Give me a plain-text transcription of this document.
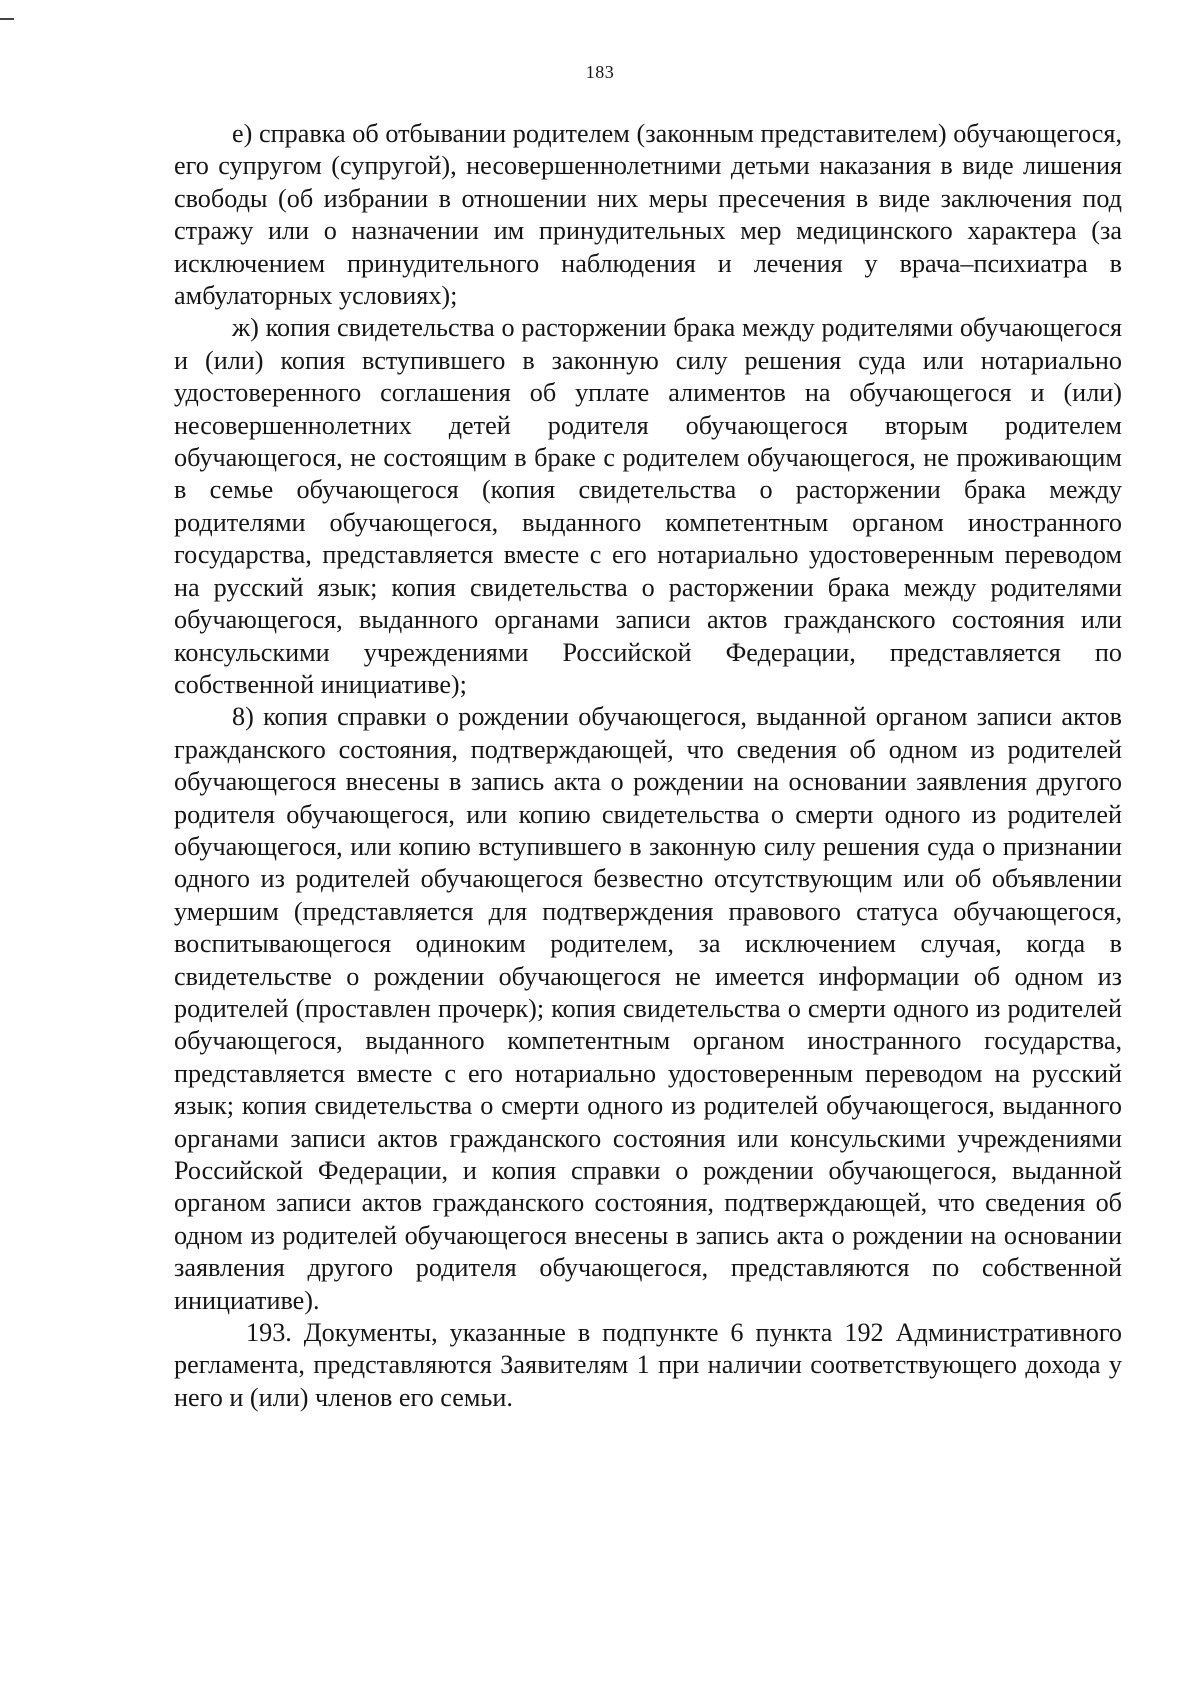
183

е) справка об отбывании родителем (законным представителем) обучающегося, его супругом (супругой), несовершеннолетними детьми наказания в виде лишения свободы (об избрании в отношении них меры пресечения в виде заключения под стражу или о назначении им принудительных мер медицинского характера (за исключением принудительного наблюдения и лечения у врача–психиатра в амбулаторных условиях);

ж) копия свидетельства о расторжении брака между родителями обучающегося и (или) копия вступившего в законную силу решения суда или нотариально удостоверенного соглашения об уплате алиментов на обучающегося и (или) несовершеннолетних детей родителя обучающегося вторым родителем обучающегося, не состоящим в браке с родителем обучающегося, не проживающим в семье обучающегося (копия свидетельства о расторжении брака между родителями обучающегося, выданного компетентным органом иностранного государства, представляется вместе с его нотариально удостоверенным переводом на русский язык; копия свидетельства о расторжении брака между родителями обучающегося, выданного органами записи актов гражданского состояния или консульскими учреждениями Российской Федерации, представляется по собственной инициативе);

8) копия справки о рождении обучающегося, выданной органом записи актов гражданского состояния, подтверждающей, что сведения об одном из родителей обучающегося внесены в запись акта о рождении на основании заявления другого родителя обучающегося, или копию свидетельства о смерти одного из родителей обучающегося, или копию вступившего в законную силу решения суда о признании одного из родителей обучающегося безвестно отсутствующим или об объявлении умершим (представляется для подтверждения правового статуса обучающегося, воспитывающегося одиноким родителем, за исключением случая, когда в свидетельстве о рождении обучающегося не имеется информации об одном из родителей (проставлен прочерк); копия свидетельства о смерти одного из родителей обучающегося, выданного компетентным органом иностранного государства, представляется вместе с его нотариально удостоверенным переводом на русский язык; копия свидетельства о смерти одного из родителей обучающегося, выданного органами записи актов гражданского состояния или консульскими учреждениями Российской Федерации, и копия справки о рождении обучающегося, выданной органом записи актов гражданского состояния, подтверждающей, что сведения об одном из родителей обучающегося внесены в запись акта о рождении на основании заявления другого родителя обучающегося, представляются по собственной инициативе).

193. Документы, указанные в подпункте 6 пункта 192 Административного регламента, представляются Заявителям 1 при наличии соответствующего дохода у него и (или) членов его семьи.
